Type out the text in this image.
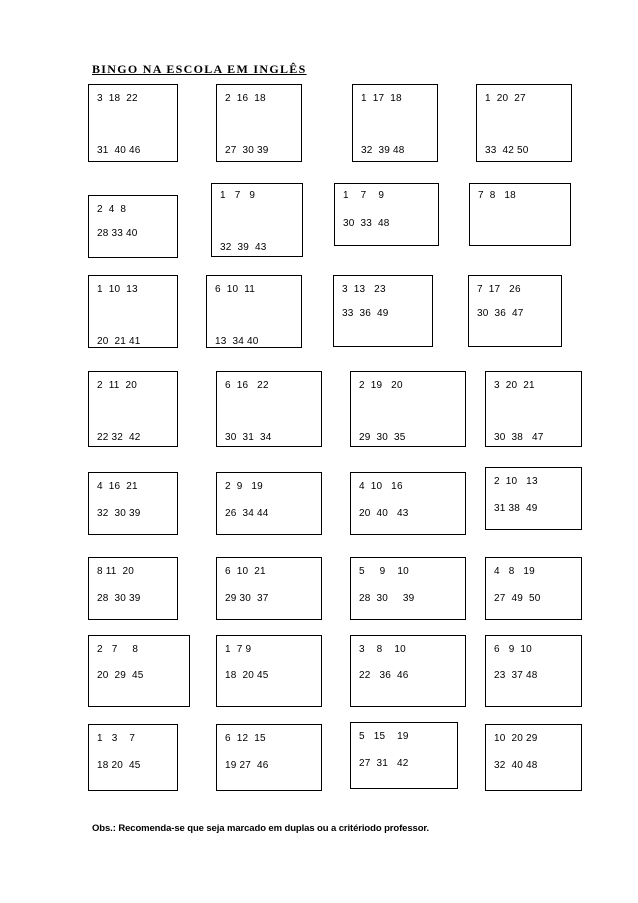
BINGO NA ESCOLA EM INGLÊS
3  18  22
31  40 46
2  16  18
27  30 39
1  17  18
32  39 48
1  20  27
33  42 50
2  4  8
28 33 40
1   7   9
32  39  43
1    7    9
30  33  48
7  8   18
1  10  13
20  21 41
6  10  11
13  34 40
3  13   23
33  36  49
7  17   26
30  36  47
2  11  20
22 32  42
6  16   22
30  31  34
2  19   20
29  30  35
3  20  21
30  38   47
4  16  21
32  30 39
2  9   19
26  34 44
4  10   16
20  40   43
2  10   13
31 38  49
8 11  20
28  30 39
6  10  21
29 30  37
5     9    10
28  30     39
4   8   19
27  49  50
2   7     8
20  29  45
1  7 9
18  20 45
3    8    10
22   36  46
6   9  10
23  37 48
1   3    7
18 20  45
6  12  15
19 27  46
5   15    19
27  31   42
10  20 29
32  40 48
Obs.: Recomenda-se que seja marcado em duplas ou a critériodo professor.
